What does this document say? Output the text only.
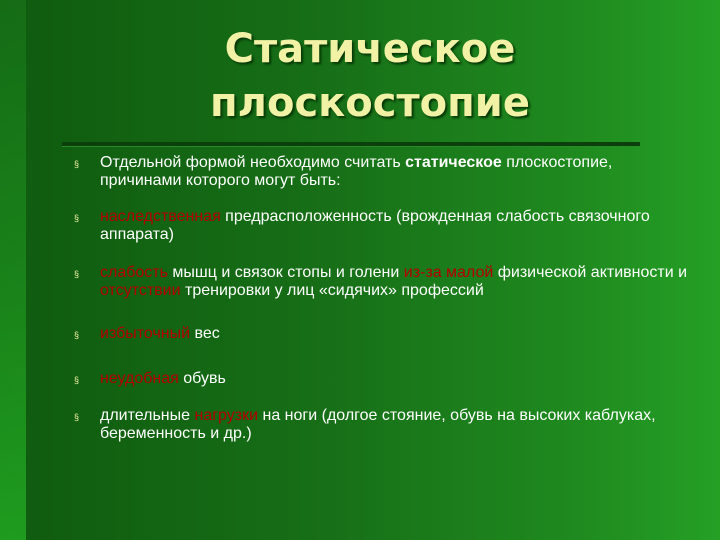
Статическое
плоскостопие
§	Отдельной формой необходимо считать статическое плоскостопие, причинами которого могут быть:
§	наследственная предрасположенность (врожденная слабость связочного аппарата)
§	слабость мышц и связок стопы и голени из-за малой физической активности и отсутствии тренировки у лиц «сидячих» профессий
§	избыточный вес
§	неудобная обувь
§	длительные нагрузки на ноги (долгое стояние, обувь на высоких каблуках, беременность и др.)
